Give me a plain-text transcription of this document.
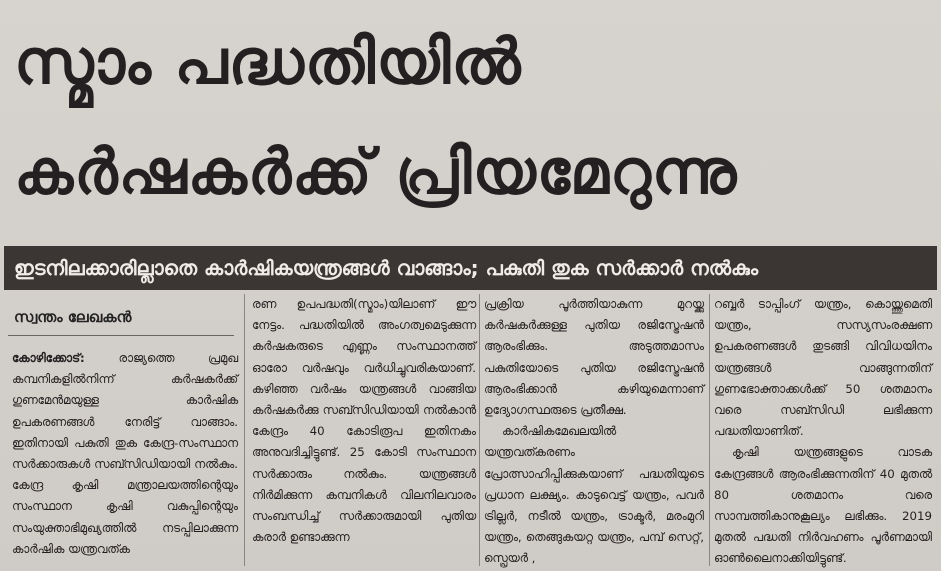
സ്മാം പദ്ധതിയിൽ
കർഷകർക്ക് പ്രിയമേറുന്നു
ഇടനിലക്കാരില്ലാതെ കാർഷികയന്ത്രങ്ങൾ വാങ്ങാം; പകുതി തുക സർക്കാർ നൽകും
സ്വന്തം ലേഖകൻ

കോഴിക്കോട്: രാജ്യത്തെ പ്രമുഖ കമ്പനികളിൽനിന്ന് കർഷകർക്ക് ഗുണമേൻമയുള്ള കാർഷിക ഉപകരണങ്ങൾ നേരിട്ട് വാങ്ങാം. ഇതിനായി പകുതി തുക കേന്ദ്ര-സംസ്ഥാന സർക്കാരുകൾ സബ്സിഡിയായി നൽകും. കേന്ദ്ര കൃഷി മന്ത്രാലയത്തിന്റെയും സംസ്ഥാന കൃഷി വകുപ്പിന്റെയും സംയുക്താഭിമുഖ്യത്തിൽ നടപ്പിലാക്കുന്ന കാർഷിക യന്ത്രവത്ക

രണ ഉപപദ്ധതി(സ്മാം)യിലാണ് ഈ നേട്ടം. പദ്ധതിയിൽ അംഗത്വമെടുക്കുന്ന കർഷകരുടെ എണ്ണം സംസ്ഥാനത്ത് ഓരോ വർഷവും വർധിച്ചുവരികയാണ്. കഴിഞ്ഞ വർഷം യന്ത്രങ്ങൾ വാങ്ങിയ കർഷകർക്കു സബ്സിഡിയായി നൽകാൻ കേന്ദ്രം 40 കോടിരൂപ ഇതിനകം അനുവദിച്ചിട്ടുണ്ട്. 25 കോടി സംസ്ഥാന സർക്കാരും നൽകും. യന്ത്രങ്ങൾ നിർമിക്കുന്ന കമ്പനികൾ വിലനിലവാരം സംബന്ധിച്ച് സർക്കാരുമായി പുതിയ കരാർ ഉണ്ടാക്കുന്ന

പ്രക്രിയ പൂർത്തിയാകുന്ന മുറയ്ക്കു കർഷകർക്കുള്ള പുതിയ രജിസ്ട്രേഷൻ ആരംഭിക്കും. അടുത്തമാസം പകുതിയോടെ പുതിയ രജിസ്ട്രേഷൻ ആരംഭിക്കാൻ കഴിയുമെന്നാണ് ഉദ്യോഗസ്ഥരുടെ പ്രതീക്ഷ.

കാർഷികമേഖലയിൽ യന്ത്രവത്കരണം പ്രോത്സാഹിപ്പിക്കുകയാണ് പദ്ധതിയുടെ പ്രധാന ലക്ഷ്യം. കാടുവെട്ട് യന്ത്രം, പവർ ട്രില്ലർ, നടീൽ യന്ത്രം, ട്രാക്ടർ, മരംമുറി യന്ത്രം, തെങ്ങുകയറ്റ യന്ത്രം, പമ്പ് സെറ്റ്, സ്പ്രെയർ ,

റബ്ബർ ടാപ്പിംഗ് യന്ത്രം, കൊയ്ത്തുമെതി യന്ത്രം, സസ്യസംരക്ഷണ ഉപകരണങ്ങൾ തുടങ്ങി വിവിധയിനം യന്ത്രങ്ങൾ വാങ്ങുന്നതിന് ഗുണഭോക്താക്കൾക്ക് 50 ശതമാനം വരെ സബ്സിഡി ലഭിക്കുന്ന പദ്ധതിയാണിത്.

കൃഷി യന്ത്രങ്ങളുടെ വാടക കേന്ദ്രങ്ങൾ ആരംഭിക്കുന്നതിന് 40 മുതൽ 80 ശതമാനം വരെ സാമ്പത്തികാനുകൂല്യം ലഭിക്കും. 2019 മുതൽ പദ്ധതി നിർവഹണം പൂർണമായി ഓൺലൈനാക്കിയിട്ടുണ്ട്.
